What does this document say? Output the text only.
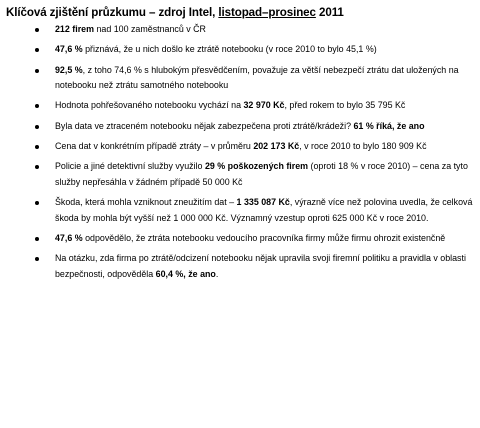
Klíčová zjištění průzkumu – zdroj Intel, listopad–prosinec 2011
212 firem nad 100 zaměstnanců v ČR
47,6 % přiznává, že u nich došlo ke ztrátě notebooku (v roce 2010 to bylo 45,1 %)
92,5 %, z toho 74,6 % s hlubokým přesvědčením, považuje za větší nebezpečí ztrátu dat uložených na notebooku než ztrátu samotného notebooku
Hodnota pohřešovaného notebooku vychází na 32 970 Kč, před rokem to bylo 35 795 Kč
Byla data ve ztraceném notebooku nějak zabezpečena proti ztrátě/krádeži? 61 % říká, že ano
Cena dat v konkrétním případě ztráty – v průměru 202 173 Kč, v roce 2010 to bylo 180 909 Kč
Policie a jiné detektivní služby využilo 29 % poškozených firem (oproti 18 % v roce 2010) – cena za tyto služby nepřesáhla v žádném případě 50 000 Kč
Škoda, která mohla vzniknout zneužitím dat – 1 335 087 Kč, výrazně více než polovina uvedla, že celková škoda by mohla být vyšší než 1 000 000 Kč. Významný vzestup oproti 625 000 Kč v roce 2010.
47,6 % odpovědělo, že ztráta notebooku vedoucího pracovníka firmy může firmu ohrozit existenčně
Na otázku, zda firma po ztrátě/odcizení notebooku nějak upravila svoji firemní politiku a pravidla v oblasti bezpečnosti, odpověděla 60,4 %, že ano.
